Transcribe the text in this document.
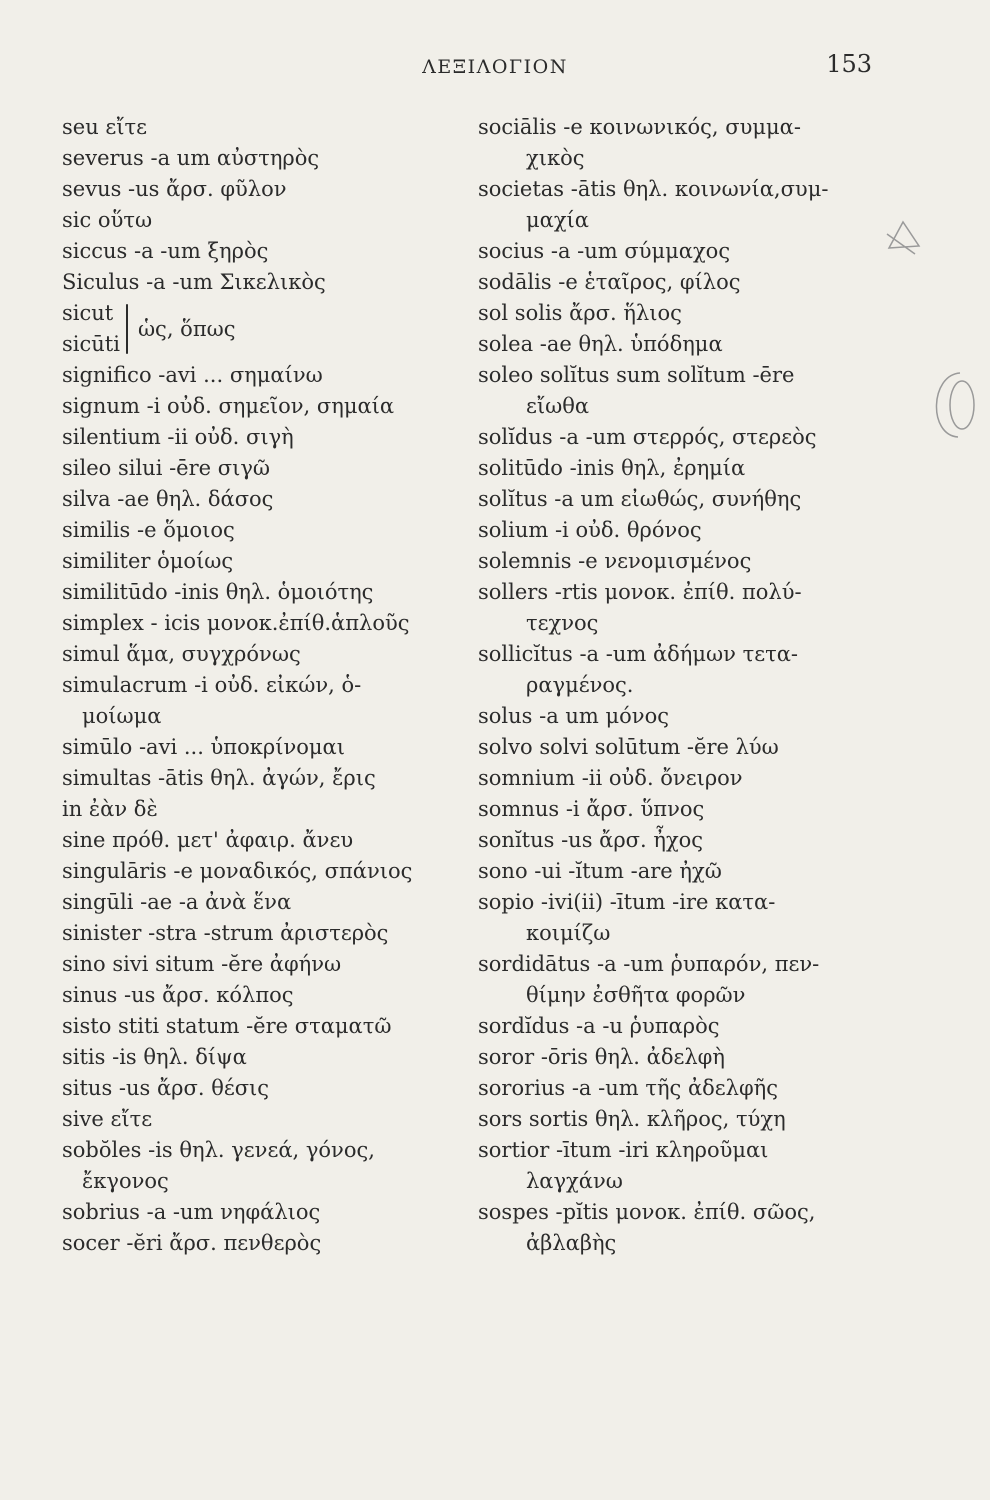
ΛΕΞΙΛΟΓΙΟΝ	153
seu εἴτε
severus -a um αὐστηρὸς
sevus -us ἄρσ. φῦλον
sic οὕτω
siccus -a -um ξηρὸς
Siculus -a -um Σικελικὸς
sicut
sicūti
ὡς, ὅπως
significo -avi ... σημαίνω
signum -i οὐδ. σημεῖον, σημαία
silentium -ii οὐδ. σιγὴ
sileo silui -ēre σιγῶ
silva -ae θηλ. δάσος
similis -e ὅμοιος
similiter ὁμοίως
similitūdo -inis θηλ. ὁμοιότης
simplex - icis μονοκ.ἐπίθ.ἁπλοῦς
simul ἅμα, συγχρόνως
simulacrum -i οὐδ. εἰκών, ὁ-
μοίωμα
simūlo -avi ... ὑποκρίνομαι
simultas -ātis θηλ. ἀγών, ἔρις
in ἐὰν δὲ
sine πρόθ. μετ' ἀφαιρ. ἄνευ
singulāris -e μοναδικός, σπάνιος
singūli -ae -a ἀνὰ ἕνα
sinister -stra -strum ἀριστερὸς
sino sivi situm -ĕre ἀφήνω
sinus -us ἄρσ. κόλπος
sisto stiti statum -ĕre σταματῶ
sitis -is θηλ. δίψα
situs -us ἄρσ. θέσις
sive εἴτε
sobŏles -is θηλ. γενεά, γόνος,
ἔκγονος
sobrius -a -um νηφάλιος
socer -ĕri ἄρσ. πενθερὸς
sociālis -e κοινωνικός, συμμα-
χικὸς
societas -ātis θηλ. κοινωνία,συμ-
μαχία
socius -a -um σύμμαχος
sodālis -e ἑταῖρος, φίλος
sol solis ἄρσ. ἥλιος
solea -ae θηλ. ὑπόδημα
soleo solĭtus sum solĭtum -ēre
εἴωθα
solĭdus -a -um στερρός, στερεὸς
solitūdo -inis θηλ, ἐρημία
solĭtus -a um εἰωθώς, συνήθης
solium -i οὐδ. θρόνος
solemnis -e νενομισμένος
sollers -rtis μονοκ. ἐπίθ. πολύ-
τεχνος
sollicĭtus -a -um ἀδήμων τετα-
ραγμένος.
solus -a um μόνος
solvo solvi solūtum -ĕre λύω
somnium -ii οὐδ. ὄνειρον
somnus -i ἄρσ. ὕπνος
sonĭtus -us ἄρσ. ἦχος
sono -ui -ĭtum -are ἠχῶ
sopio -ivi(ii) -ītum -ire κατα-
κοιμίζω
sordidātus -a -um ῥυπαρόν, πεν-
θίμην ἐσθῆτα φορῶν
sordĭdus -a -u ῥυπαρὸς
soror -ōris θηλ. ἀδελφὴ
sororius -a -um τῆς ἀδελφῆς
sors sortis θηλ. κλῆρος, τύχη
sortior -ītum -iri κληροῦμαι
λαγχάνω
sospes -pĭtis μονοκ. ἐπίθ. σῶος,
ἀβλαβὴς
